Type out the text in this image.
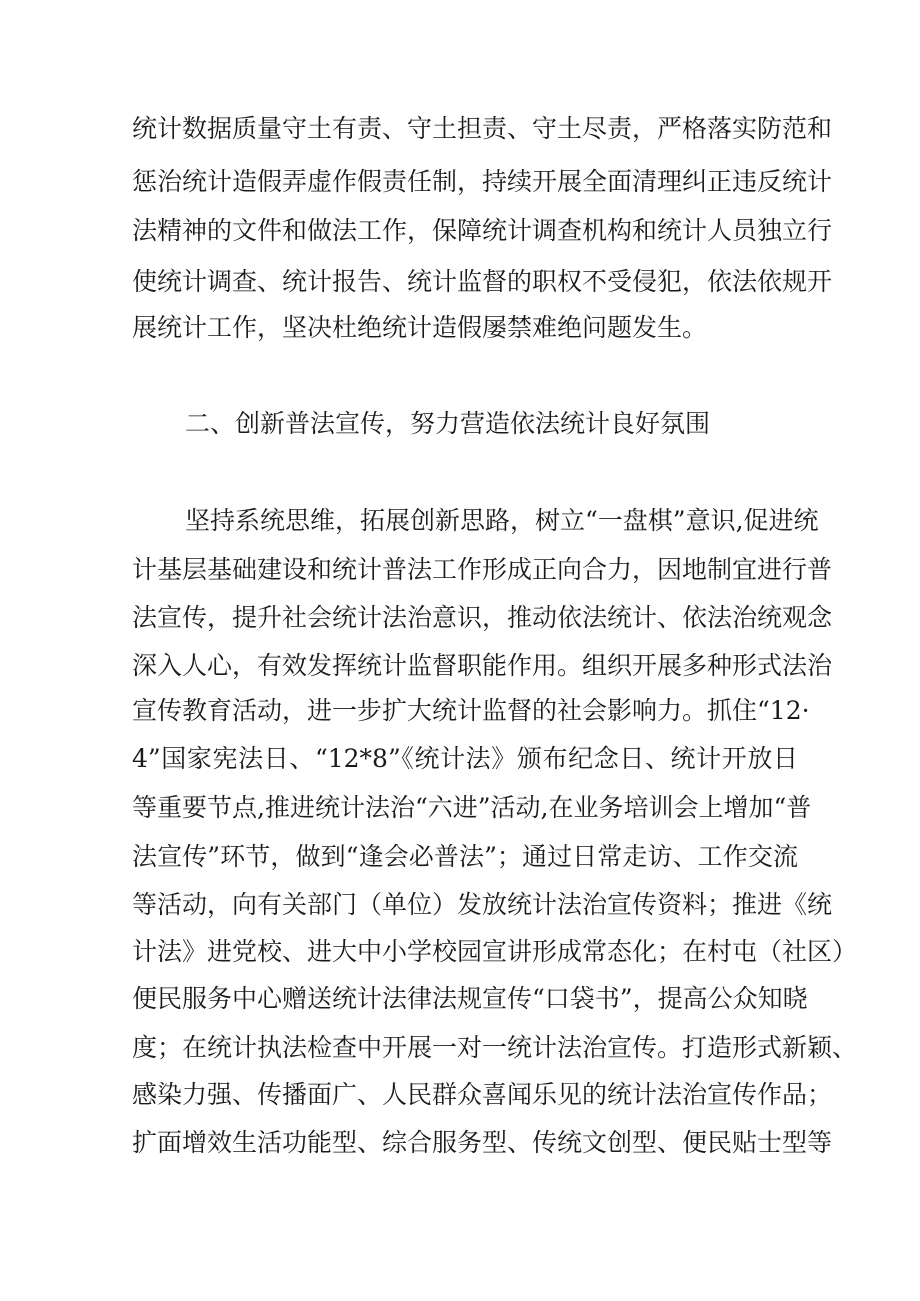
统计数据质量守土有责、守土担责、守土尽责，严格落实防范和
惩治统计造假弄虚作假责任制，持续开展全面清理纠正违反统计
法精神的文件和做法工作，保障统计调查机构和统计人员独立行
使统计调查、统计报告、统计监督的职权不受侵犯，依法依规开
展统计工作，坚决杜绝统计造假屡禁难绝问题发生。
二、创新普法宣传，努力营造依法统计良好氛围
坚持系统思维，拓展创新思路，树立“一盘棋”意识,促进统
计基层基础建设和统计普法工作形成正向合力，因地制宜进行普
法宣传，提升社会统计法治意识，推动依法统计、依法治统观念
深入人心，有效发挥统计监督职能作用。组织开展多种形式法治
宣传教育活动，进一步扩大统计监督的社会影响力。抓住“12·
4”国家宪法日、“12*8”《统计法》颁布纪念日、统计开放日
等重要节点,推进统计法治“六进”活动,在业务培训会上增加“普
法宣传”环节，做到“逢会必普法”；通过日常走访、工作交流
等活动，向有关部门（单位）发放统计法治宣传资料；推进《统
计法》进党校、进大中小学校园宣讲形成常态化；在村屯（社区）
便民服务中心赠送统计法律法规宣传“口袋书”，提高公众知晓
度；在统计执法检查中开展一对一统计法治宣传。打造形式新颖、
感染力强、传播面广、人民群众喜闻乐见的统计法治宣传作品；
扩面增效生活功能型、综合服务型、传统文创型、便民贴士型等
